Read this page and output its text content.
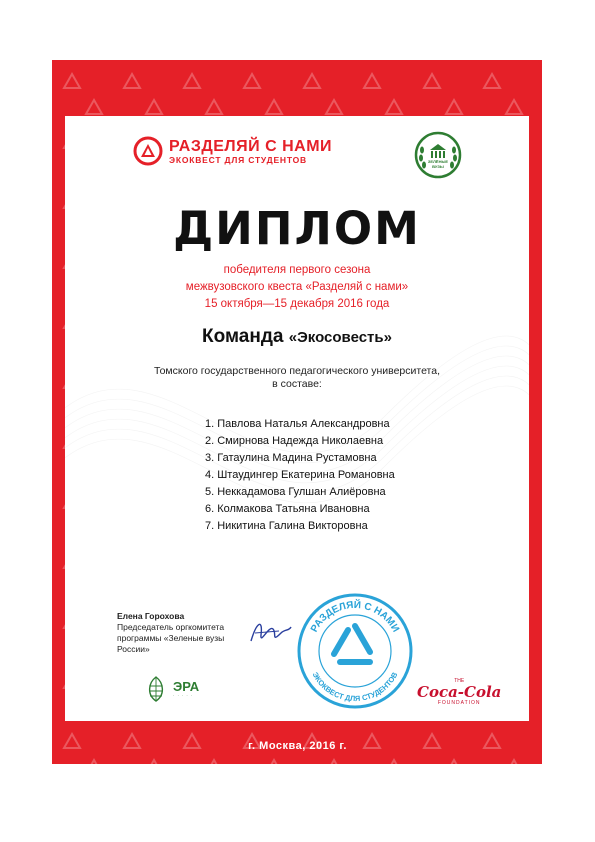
РАЗДЕЛЯЙ С НАМИ
ЭКОКВЕСТ ДЛЯ СТУДЕНТОВ	ЗЕЛЁНЫЕ
ВУЗЫ
ДИПЛОМ
победителя первого сезона
межвузовского квеста «Разделяй с нами»
15 октября—15 декабря 2016 года
Команда «Экосовесть»
Томского государственного педагогического университета,
в составе:
1. Павлова Наталья Александровна
2. Смирнова Надежда Николаевна
3. Гатаулина Мадина Рустамовна
4. Штаудингер Екатерина Романовна
5. Неккадамова Гулшан Алиёровна
6. Колмакова Татьяна Ивановна
7. Никитина Галина Викторовна
Елена Горохова
Председатель оргкомитета
программы «Зеленые вузы
России»
РАЗДЕЛЯЙ С НАМИ
ЭКОКВЕСТ ДЛЯ СТУДЕНТОВ
ЭРА
· · · · ·
THE
Coca-Cola
FOUNDATION
г. Москва, 2016 г.
